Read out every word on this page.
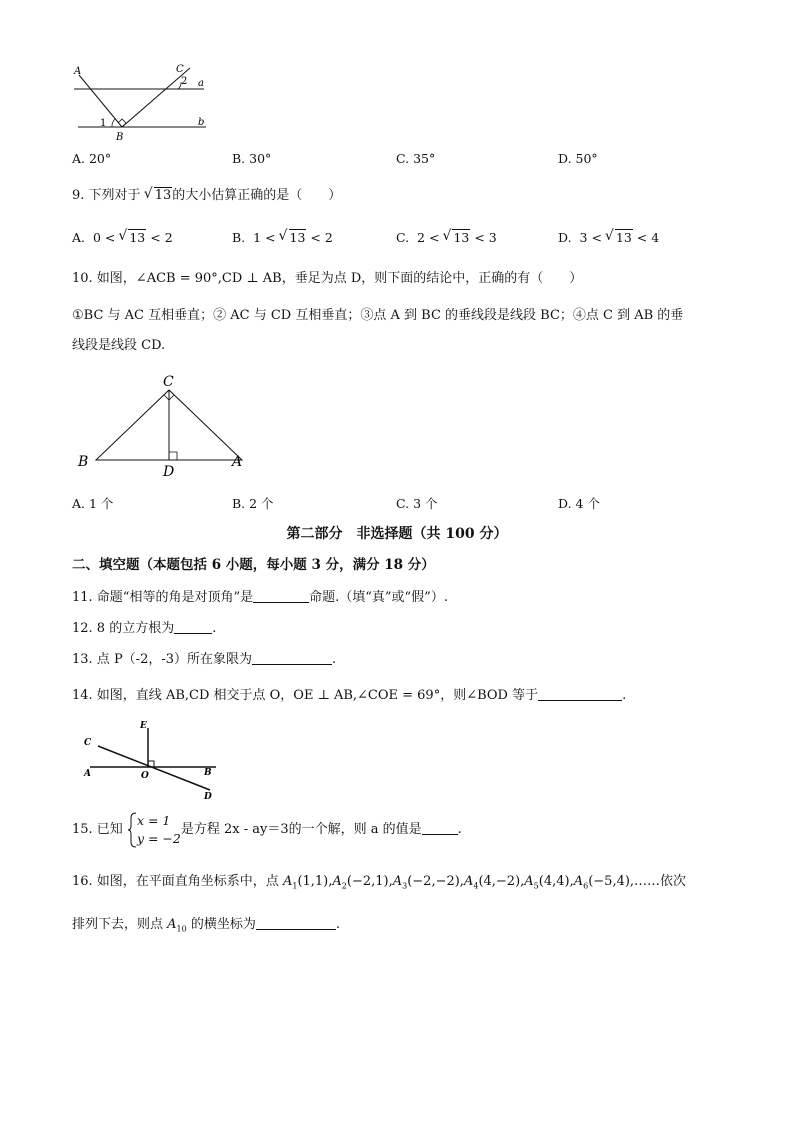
A	C
a
b
1
2
B
A. 20°	B. 30°	C. 35°	D. 50°
9. 下列对于 √ 13的大小估算正确的是（　　）
A. 0 < √ 13 < 2	B. 1 < √ 13 < 2	C. 2 < √ 13 < 3	D. 3 < √ 13 < 4
10. 如图，∠ACB = 90°,CD ⊥ AB，垂足为点 D，则下面的结论中，正确的有（　　）
①BC 与 AC 互相垂直；② AC 与 CD 互相垂直；③点 A 到 BC 的垂线段是线段 BC；④点 C 到 AB 的垂
线段是线段 CD.
C
B
D
A
A. 1 个	B. 2 个	C. 3 个	D. 4 个
第二部分　非选择题（共 100 分）
二、填空题（本题包括 6 小题，每小题 3 分，满分 18 分）
11. 命题“相等的角是对顶角”是	命题.（填“真”或“假”）.
12. 8 的立方根为	.
13. 点 P（-2，-3）所在象限为	.
14. 如图，直线 AB,CD 相交于点 O，OE ⊥ AB,∠COE = 69°，则∠BOD 等于	.
E
C
A	O	B
D
15. 已知 x = 1
y = −2是方程 2x - ay＝3的一个解，则 a 的值是	.
16. 如图，在平面直角坐标系中，点 $A_1(1,1),A_2(-2,1),A_3(-2,-2),A_4(4,-2),A_5(4,4),A_6(-5,4),\dots\dots$依次
排列下去，则点 $A_{10}$ 的横坐标为	.
